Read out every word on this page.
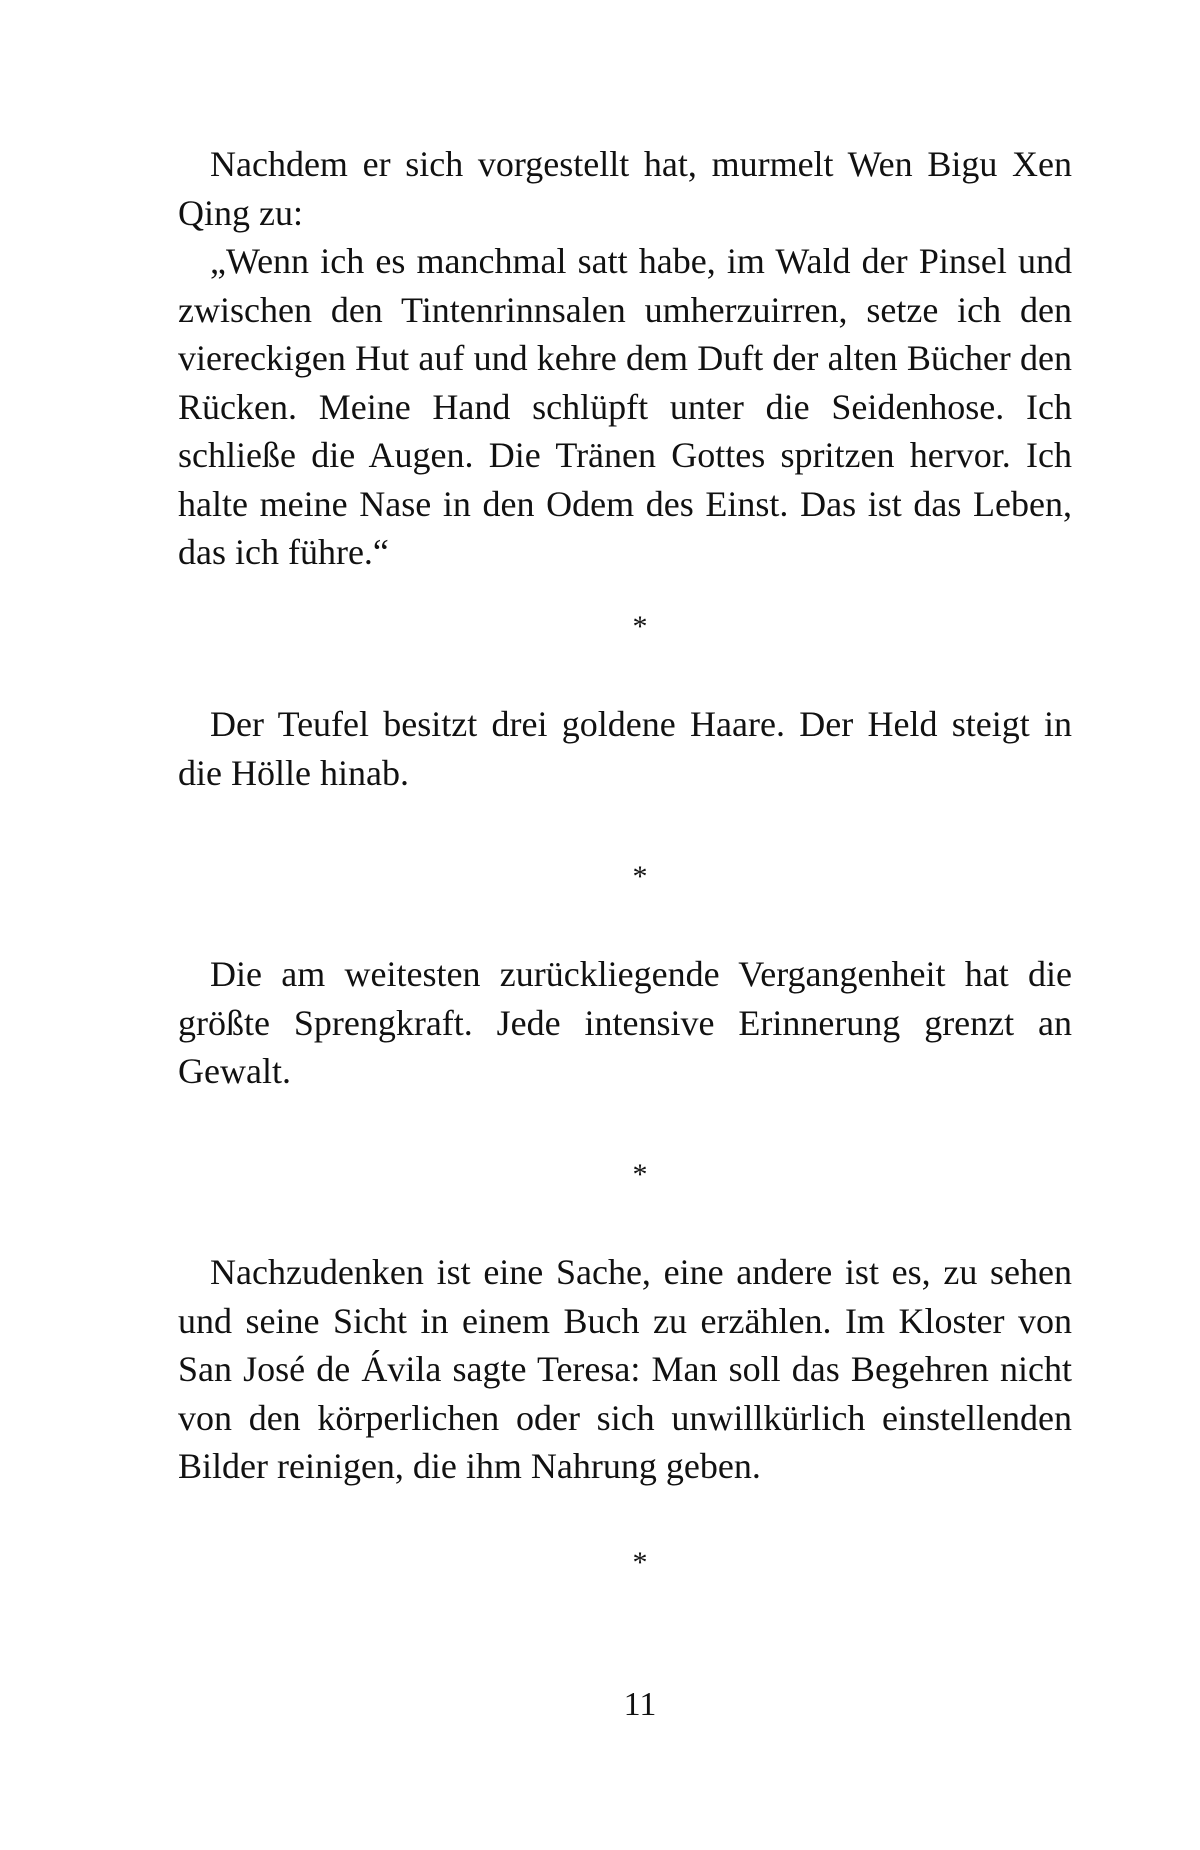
Nachdem er sich vorgestellt hat, murmelt Wen Bigu Xen Qing zu:

„Wenn ich es manchmal satt habe, im Wald der Pinsel und zwischen den Tintenrinnsalen umherzuirren, setze ich den viereckigen Hut auf und kehre dem Duft der alten Bücher den Rücken. Meine Hand schlüpft unter die Seidenhose. Ich schließe die Augen. Die Tränen Gottes spritzen hervor. Ich halte meine Nase in den Odem des Einst. Das ist das Leben, das ich führe.“

*

Der Teufel besitzt drei goldene Haare. Der Held steigt in die Hölle hinab.

*

Die am weitesten zurückliegende Vergangenheit hat die größte Sprengkraft. Jede intensive Erinnerung grenzt an Gewalt.

*

Nachzudenken ist eine Sache, eine andere ist es, zu sehen und seine Sicht in einem Buch zu erzählen. Im Kloster von San José de Ávila sagte Teresa: Man soll das Begehren nicht von den körperlichen oder sich unwillkürlich einstellenden Bilder reinigen, die ihm Nahrung geben.

*
11
